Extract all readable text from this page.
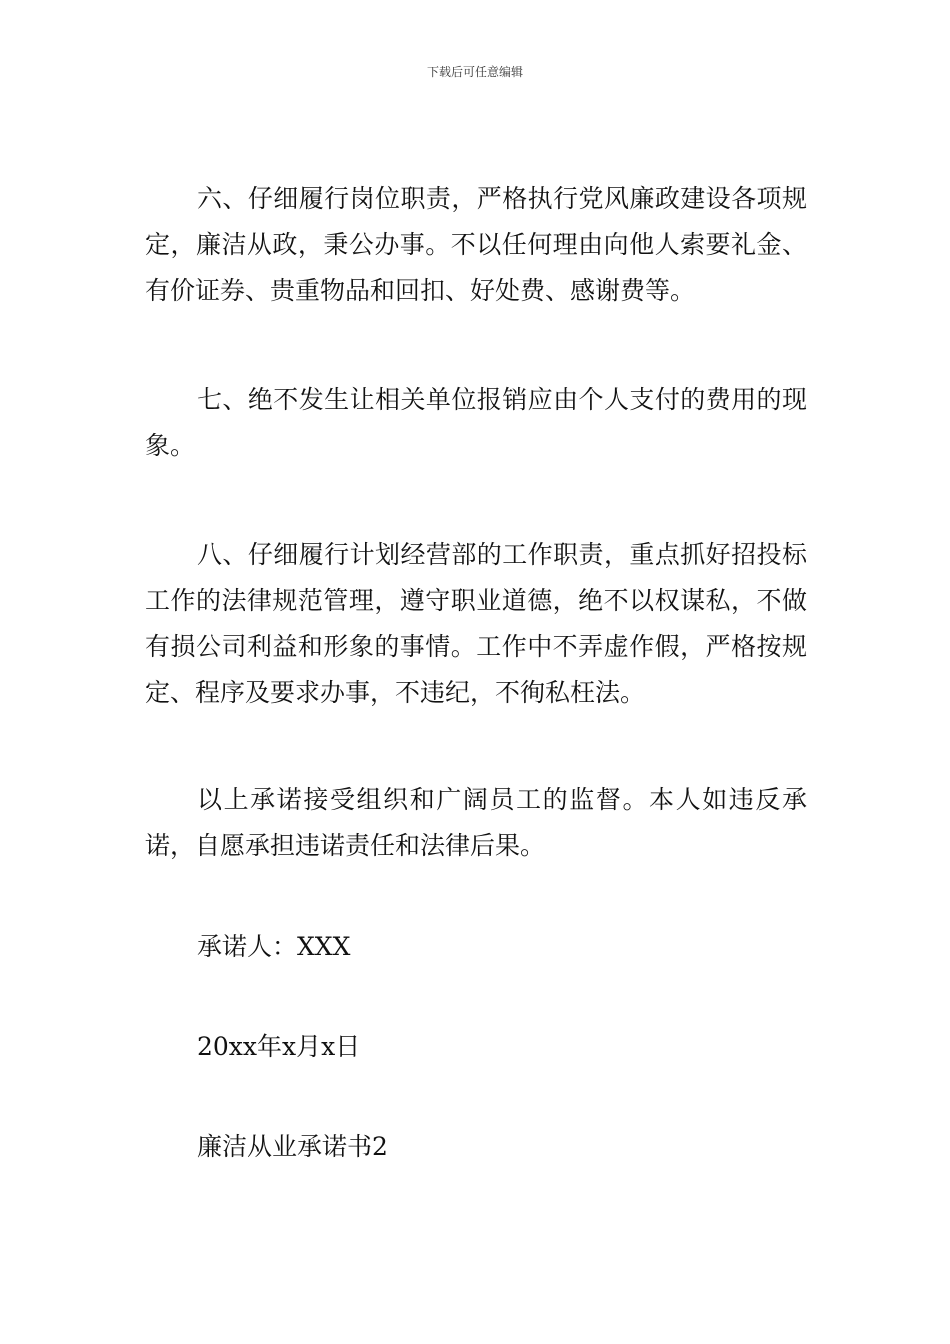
下载后可任意编辑

六、仔细履行岗位职责，严格执行党风廉政建设各项规定，廉洁从政，秉公办事。不以任何理由向他人索要礼金、有价证券、贵重物品和回扣、好处费、感谢费等。

七、绝不发生让相关单位报销应由个人支付的费用的现象。

八、仔细履行计划经营部的工作职责，重点抓好招投标工作的法律规范管理，遵守职业道德，绝不以权谋私，不做有损公司利益和形象的事情。工作中不弄虚作假，严格按规定、程序及要求办事，不违纪，不徇私枉法。

以上承诺接受组织和广阔员工的监督。本人如违反承诺，自愿承担违诺责任和法律后果。

承诺人：XXX
20xx年x月x日
廉洁从业承诺书2
